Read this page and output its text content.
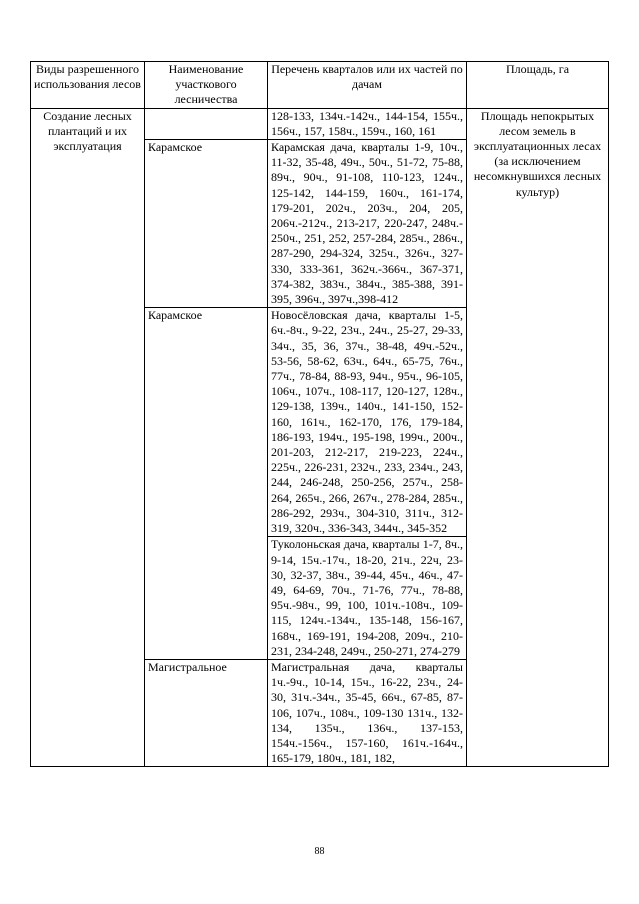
Виды разрешенного использования лесов	Наименование участкового лесничества	Перечень кварталов или их частей по дачам	Площадь, га
Создание лесных плантаций и их эксплуатация		128-133, 134ч.-142ч., 144-154, 155ч., 156ч., 157, 158ч., 159ч., 160, 161	Площадь непокрытых лесом земель в эксплуатационных лесах (за исключением несомкнувшихся лесных культур)
	Карамское	Карамская дача, кварталы 1-9, 10ч., 11-32, 35-48, 49ч., 50ч., 51-72, 75-88, 89ч., 90ч., 91-108, 110-123, 124ч., 125-142, 144-159, 160ч., 161-174, 179-201, 202ч., 203ч., 204, 205, 206ч.-212ч., 213-217, 220-247, 248ч.- 250ч., 251, 252, 257-284, 285ч., 286ч., 287-290, 294-324, 325ч., 326ч., 327-330, 333-361, 362ч.-366ч., 367-371, 374-382, 383ч., 384ч., 385-388, 391-395, 396ч., 397ч.,398-412	
	Карамское	Новосёловская дача, кварталы 1-5, 6ч.-8ч., 9-22, 23ч., 24ч., 25-27, 29-33, 34ч., 35, 36, 37ч., 38-48, 49ч.-52ч., 53-56, 58-62, 63ч., 64ч., 65-75, 76ч., 77ч., 78-84, 88-93, 94ч., 95ч., 96-105, 106ч., 107ч., 108-117, 120-127, 128ч., 129-138, 139ч., 140ч., 141-150, 152-160, 161ч., 162-170, 176, 179-184, 186-193, 194ч., 195-198, 199ч., 200ч., 201-203, 212-217, 219-223, 224ч., 225ч., 226-231, 232ч., 233, 234ч., 243, 244, 246-248, 250-256, 257ч., 258-264, 265ч., 266, 267ч., 278-284, 285ч., 286-292, 293ч., 304-310, 311ч., 312-319, 320ч., 336-343, 344ч., 345-352	
		Туколоньская дача, кварталы 1-7, 8ч., 9-14, 15ч.-17ч., 18-20, 21ч., 22ч, 23-30, 32-37, 38ч., 39-44, 45ч., 46ч., 47-49, 64-69, 70ч., 71-76, 77ч., 78-88, 95ч.-98ч., 99, 100, 101ч.-108ч., 109-115, 124ч.-134ч., 135-148, 156-167, 168ч., 169-191, 194-208, 209ч., 210-231, 234-248, 249ч., 250-271, 274-279	
	Магистральное	Магистральная дача, кварталы 1ч.-9ч., 10-14, 15ч., 16-22, 23ч., 24-30, 31ч.-34ч., 35-45, 66ч., 67-85, 87-106, 107ч., 108ч., 109-130 131ч., 132-134, 135ч., 136ч., 137-153, 154ч.-156ч., 157-160, 161ч.-164ч., 165-179, 180ч., 181, 182,	
88
